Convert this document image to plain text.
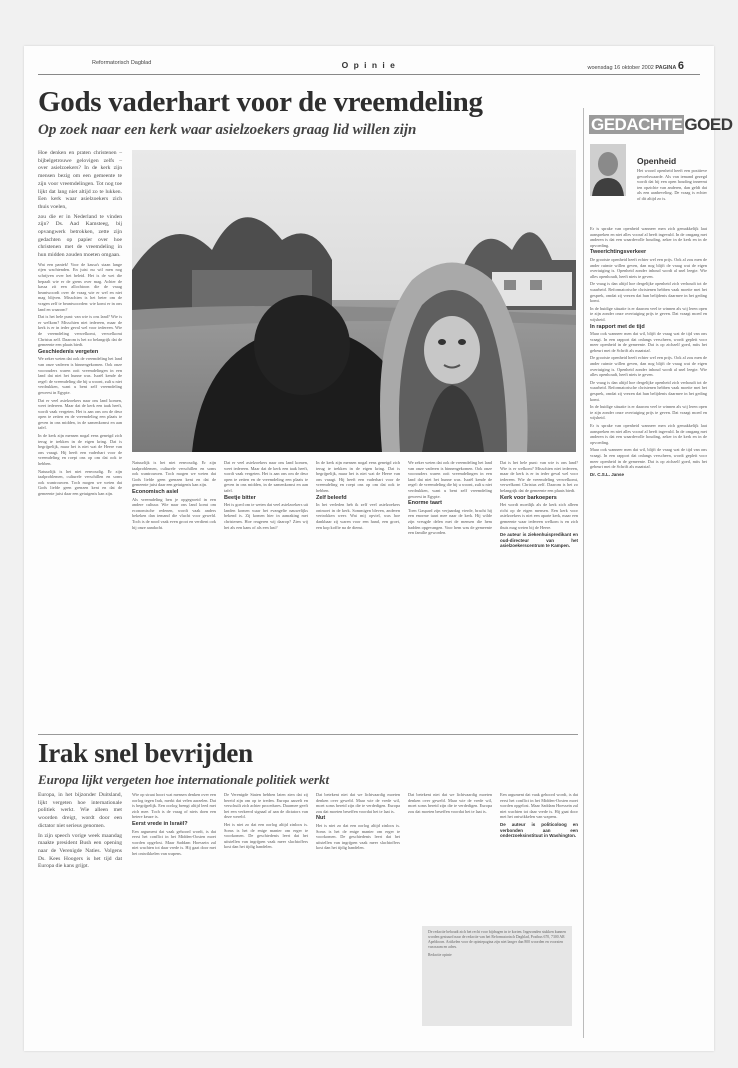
Reformatorisch Dagblad	O p i n i e	woensdag 16 oktober 2002 PAGINA 6
Gods vaderhart voor de vreemdeling
Op zoek naar een kerk waar asielzoekers graag lid willen zijn

Hoe denken en praten christenen – bijbelgetrouwe gelovigen zelfs – over asielzoekers? In de kerk zijn mensen bezig om een gemeente te zijn voor vreemdelingen. Tot nog toe lijkt dat lang niet altijd zo te lukken. Een kerk waar asielzoekers zich thuis voelen,

zou die er in Nederland te vinden zijn? Ds. Aad Kamsteeg, bij opvangwerk betrokken, zette zijn gedachten op papier over hoe christenen met de vreemdeling in hun midden zouden moeten omgaan.

Wat een paniek! Voor de kassa's staan lange rijen wachtenden. En juist nu wil men nog schrijven over het beleid. Het is de wet die bepaalt wie er de grens over mag. Achter de kassa zit een allochtoon die de vraag beantwoordt over de vraag wie er wel en niet mag blijven. Misschien is het beter om de vragen zelf te beantwoorden: wie komt er in ons land en waarom?

Dat is het hele punt: van wie is ons land? Wie is er welkom? Misschien niet iedereen, maar de kerk is er in ieder geval wel voor iedereen. Wie de vreemdeling verwelkomt, verwelkomt Christus zelf. Daarom is het zo belangrijk dat de gemeente een plaats biedt.

Geschiedenis vergeten

We zeker weten dat ook de vreemdeling het land van onze vaderen is binnengekomen. Ook onze voorouders waren ooit vreemdelingen in een land dat niet het hunne was. Israël kende de regel: de vreemdeling die bij u woont, zult u niet verdrukken, want u bent zelf vreemdeling geweest in Egypte.

Dat er veel asielzoekers naar ons land komen, weet iedereen. Maar dat de kerk een taak heeft, wordt vaak vergeten. Het is aan ons om de deur open te zetten en de vreemdeling een plaats te geven in ons midden, in de samenkomst en aan tafel.

In de kerk zijn mensen nogal eens geneigd zich terug te trekken in de eigen kring. Dat is begrijpelijk, maar het is niet wat de Heere van ons vraagt. Hij heeft een vaderhart voor de vreemdeling en roept ons op om dat ook te hebben.

Natuurlijk is het niet eenvoudig. Er zijn taalproblemen, culturele verschillen en soms ook wantrouwen. Toch mogen we weten dat Gods liefde geen grenzen kent en dat de gemeente juist daar een getuigenis kan zijn.

Natuurlijk is het niet eenvoudig. Er zijn taalproblemen, culturele verschillen en soms ook wantrouwen. Toch mogen we weten dat Gods liefde geen grenzen kent en dat de gemeente juist daar een getuigenis kan zijn.

Economisch asiel

Als vreemdeling ben je opgegroeid in een andere cultuur. Wie naar ons land komt om economische redenen, wordt vaak anders bekeken dan iemand die vlucht voor geweld. Toch is de nood vaak even groot en verdient ook hij onze aandacht.

Dat er veel asielzoekers naar ons land komen, weet iedereen. Maar dat de kerk een taak heeft, wordt vaak vergeten. Het is aan ons om de deur open te zetten en de vreemdeling een plaats te geven in ons midden, in de samenkomst en aan tafel.

Beetje bitter

Het is goed om te weten dat veel asielzoekers uit landen komen waar het evangelie nauwelijks bekend is. Zij komen hier in aanraking met christenen. Hoe reageren wij daarop? Zien wij het als een kans of als een last?

In de kerk zijn mensen nogal eens geneigd zich terug te trekken in de eigen kring. Dat is begrijpelijk, maar het is niet wat de Heere van ons vraagt. Hij heeft een vaderhart voor de vreemdeling en roept ons op om dat ook te hebben.

Zelf beleefd

In het verleden heb ik zelf veel asielzoekers ontmoet in de kerk. Sommigen bleven, anderen vertrokken weer. Wat mij opviel, was hoe dankbaar zij waren voor een hand, een groet, een kop koffie na de dienst.

We zeker weten dat ook de vreemdeling het land van onze vaderen is binnengekomen. Ook onze voorouders waren ooit vreemdelingen in een land dat niet het hunne was. Israël kende de regel: de vreemdeling die bij u woont, zult u niet verdrukken, want u bent zelf vreemdeling geweest in Egypte.

Enorme taart

Toen Gaspard zijn verjaardag vierde, bracht hij een enorme taart mee naar de kerk. Hij wilde zijn vreugde delen met de mensen die hem hadden opgevangen. Voor hem was de gemeente een familie geworden.

Dat is het hele punt: van wie is ons land? Wie is er welkom? Misschien niet iedereen, maar de kerk is er in ieder geval wel voor iedereen. Wie de vreemdeling verwelkomt, verwelkomt Christus zelf. Daarom is het zo belangrijk dat de gemeente een plaats biedt.

Kerk voor barkoepers

Het wordt moeilijk als de kerk zich alleen richt op de eigen mensen. Een kerk voor asielzoekers is niet een aparte kerk, maar een gemeente waar iedereen welkom is en zich thuis mag weten bij de Heere.

De auteur is ziekenhuispredikant en oud-directeur van het asielzoekerscentrum te Kampen.

GEDACHTE GOED
Openheid

Het woord openheid heeft een positieve gevoelswaarde. Als van iemand gezegd wordt dat hij een open houding inneemt ten opzichte van anderen, dan geldt dat als een aanbeveling. De vraag is echter of dit altijd zo is.

Er is sprake van openheid wanneer men zich gemakkelijk laat aanspreken en niet alles vooraf al heeft ingevuld. In de omgang met anderen is dat een waardevolle houding, zeker in de kerk en in de opvoeding.

Tweerichtingsverkeer

De grootste openheid heeft echter wel een prijs. Ook al zou men de ander ruimte willen geven, dan nog blijft de vraag wat de eigen overtuiging is. Openheid zonder inhoud wordt al snel leegte. Wie alles openhoudt, heeft niets te geven.

De vraag is dan altijd hoe dergelijke openheid zich verhoudt tot de waarheid. Reformatorische christenen hebben vaak moeite met het gesprek, omdat zij vrezen dat hun belijdenis daarmee in het geding komt.

In de huidige situatie is er daarom veel te winnen als wij leren open te zijn zonder onze overtuiging prijs te geven. Dat vraagt moed en wijsheid.

In rapport met de tijd

Maar ook wanneer men dat wil, blijft de vraag wat de tijd van ons vraagt. In een rapport dat onlangs verscheen, wordt gepleit voor meer openheid in de gemeente. Dat is op zichzelf goed, mits het gebeurt met de Schrift als maatstaf.

De grootste openheid heeft echter wel een prijs. Ook al zou men de ander ruimte willen geven, dan nog blijft de vraag wat de eigen overtuiging is. Openheid zonder inhoud wordt al snel leegte. Wie alles openhoudt, heeft niets te geven.

De vraag is dan altijd hoe dergelijke openheid zich verhoudt tot de waarheid. Reformatorische christenen hebben vaak moeite met het gesprek, omdat zij vrezen dat hun belijdenis daarmee in het geding komt.

In de huidige situatie is er daarom veel te winnen als wij leren open te zijn zonder onze overtuiging prijs te geven. Dat vraagt moed en wijsheid.

Er is sprake van openheid wanneer men zich gemakkelijk laat aanspreken en niet alles vooraf al heeft ingevuld. In de omgang met anderen is dat een waardevolle houding, zeker in de kerk en in de opvoeding.

Maar ook wanneer men dat wil, blijft de vraag wat de tijd van ons vraagt. In een rapport dat onlangs verscheen, wordt gepleit voor meer openheid in de gemeente. Dat is op zichzelf goed, mits het gebeurt met de Schrift als maatstaf.

Dr. C.S.L. Janse

Irak snel bevrijden
Europa lijkt vergeten hoe internationale politiek werkt

Europa, in het bijzonder Duitsland, lijkt vergeten hoe internationale politiek werkt. Wie alleen met woorden dreigt, wordt door een dictator niet serieus genomen.

In zijn speech vorige week maandag maakte president Bush een opening naar de Verenigde Naties. Volgens Ds. Kees Hoogers is het tijd dat Europa die kans grijpt.

Wie op straat hoort wat mensen denken over een oorlog tegen Irak, merkt dat velen aarzelen. Dat is begrijpelijk. Een oorlog brengt altijd leed met zich mee. Toch is de vraag of niets doen een betere keuze is.

Eerst vrede in Israël?

Een argument dat vaak gehoord wordt, is dat eerst het conflict in het Midden-Oosten moet worden opgelost. Maar Saddam Hoessein zal niet wachten tot daar vrede is. Hij gaat door met het ontwikkelen van wapens.

De Verenigde Staten hebben laten zien dat zij bereid zijn om op te treden. Europa aarzelt en verschuilt zich achter procedures. Daarmee geeft het een verkeerd signaal af aan de dictators van deze wereld.

Het is niet zo dat een oorlog altijd zinloos is. Soms is het de enige manier om erger te voorkomen. De geschiedenis leert dat het uitstellen van ingrijpen vaak meer slachtoffers kost dan het tijdig handelen.

Dat betekent niet dat we lichtvaardig moeten denken over geweld. Maar wie de vrede wil, moet soms bereid zijn die te verdedigen. Europa zou dat moeten beseffen voordat het te laat is.

Nut

Het is niet zo dat een oorlog altijd zinloos is. Soms is het de enige manier om erger te voorkomen. De geschiedenis leert dat het uitstellen van ingrijpen vaak meer slachtoffers kost dan het tijdig handelen.

Dat betekent niet dat we lichtvaardig moeten denken over geweld. Maar wie de vrede wil, moet soms bereid zijn die te verdedigen. Europa zou dat moeten beseffen voordat het te laat is.

Een argument dat vaak gehoord wordt, is dat eerst het conflict in het Midden-Oosten moet worden opgelost. Maar Saddam Hoessein zal niet wachten tot daar vrede is. Hij gaat door met het ontwikkelen van wapens.

De auteur is politicoloog en verbonden aan een onderzoeksinstituut in Washington.

De redactie behoudt zich het recht voor bijdragen in te korten. Ingezonden stukken kunnen worden gestuurd naar de redactie van het Reformatorisch Dagblad, Postbus 670, 7300 AR Apeldoorn. Artikelen voor de opiniepagina zijn niet langer dan 800 woorden en voorzien van naam en adres.
Redactie opinie
